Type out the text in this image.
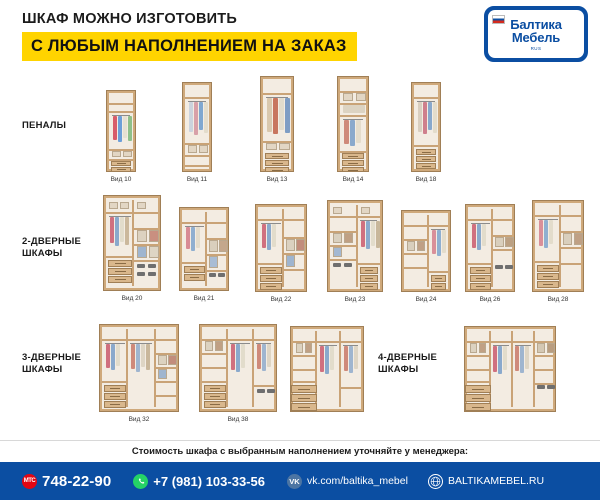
ШКАФ МОЖНО ИЗГОТОВИТЬ
С ЛЮБЫМ НАПОЛНЕНИЕМ НА ЗАКАЗ
Балтика
Мебель
RUS
ПЕНАЛЫ
Вид 10	Вид 11	Вид 13	Вид 14	Вид 18
2-ДВЕРНЫЕ
ШКАФЫ
Вид 20	Вид 21	Вид 22	Вид 23	Вид 24	Вид 26	Вид 28
3-ДВЕРНЫЕ
ШКАФЫ
Вид 32	Вид 38
4-ДВЕРНЫЕ
ШКАФЫ
Стоимость шкафа с выбранным наполнением уточняйте у менеджера:
МТС 748-22-90	+7 (981) 103-33-56	VK vk.com/baltika_mebel	BALTIKAMEBEL.RU
